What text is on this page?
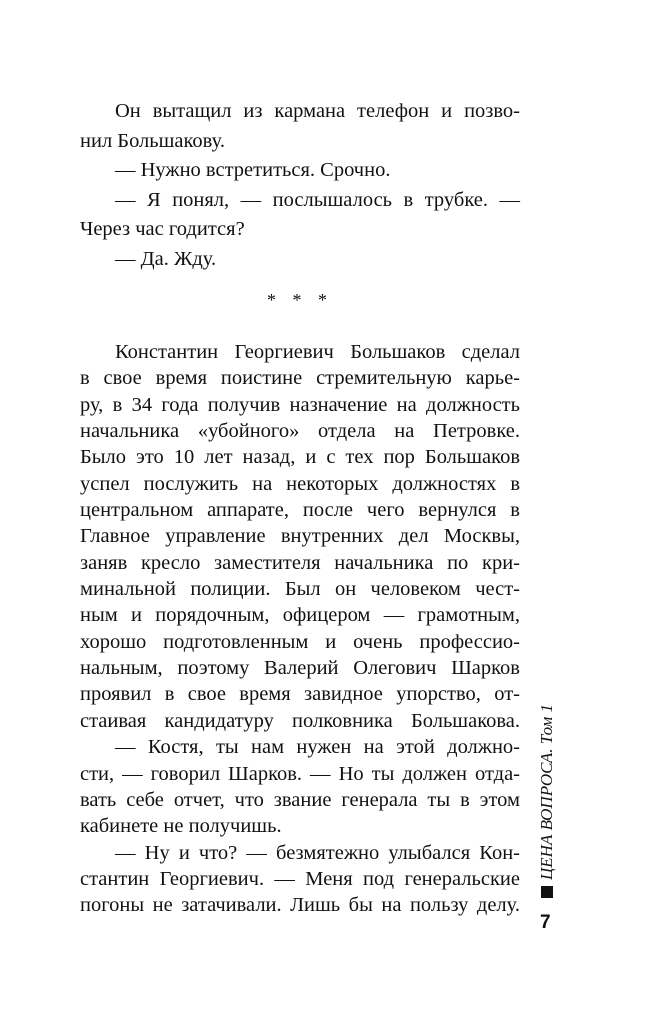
Он вытащил из кармана телефон и позво-
нил Большакову.
— Нужно встретиться. Срочно.
— Я понял, — послышалось в трубке. —
Через час годится?
— Да. Жду.
* * *
Константин Георгиевич Большаков сделал
в свое время поистине стремительную карье-
ру, в 34 года получив назначение на должность
начальника «убойного» отдела на Петровке.
Было это 10 лет назад, и с тех пор Большаков
успел послужить на некоторых должностях в
центральном аппарате, после чего вернулся в
Главное управление внутренних дел Москвы,
заняв кресло заместителя начальника по кри-
минальной полиции. Был он человеком чест-
ным и порядочным, офицером — грамотным,
хорошо подготовленным и очень профессио-
нальным, поэтому Валерий Олегович Шарков
проявил в свое время завидное упорство, от-
стаивая кандидатуру полковника Большакова.
— Костя, ты нам нужен на этой должно-
сти, — говорил Шарков. — Но ты должен отда-
вать себе отчет, что звание генерала ты в этом
кабинете не получишь.
— Ну и что? — безмятежно улыбался Кон-
стантин Георгиевич. — Меня под генеральские
погоны не затачивали. Лишь бы на пользу делу.
ЦЕНА ВОПРОСА. Том 1
7
